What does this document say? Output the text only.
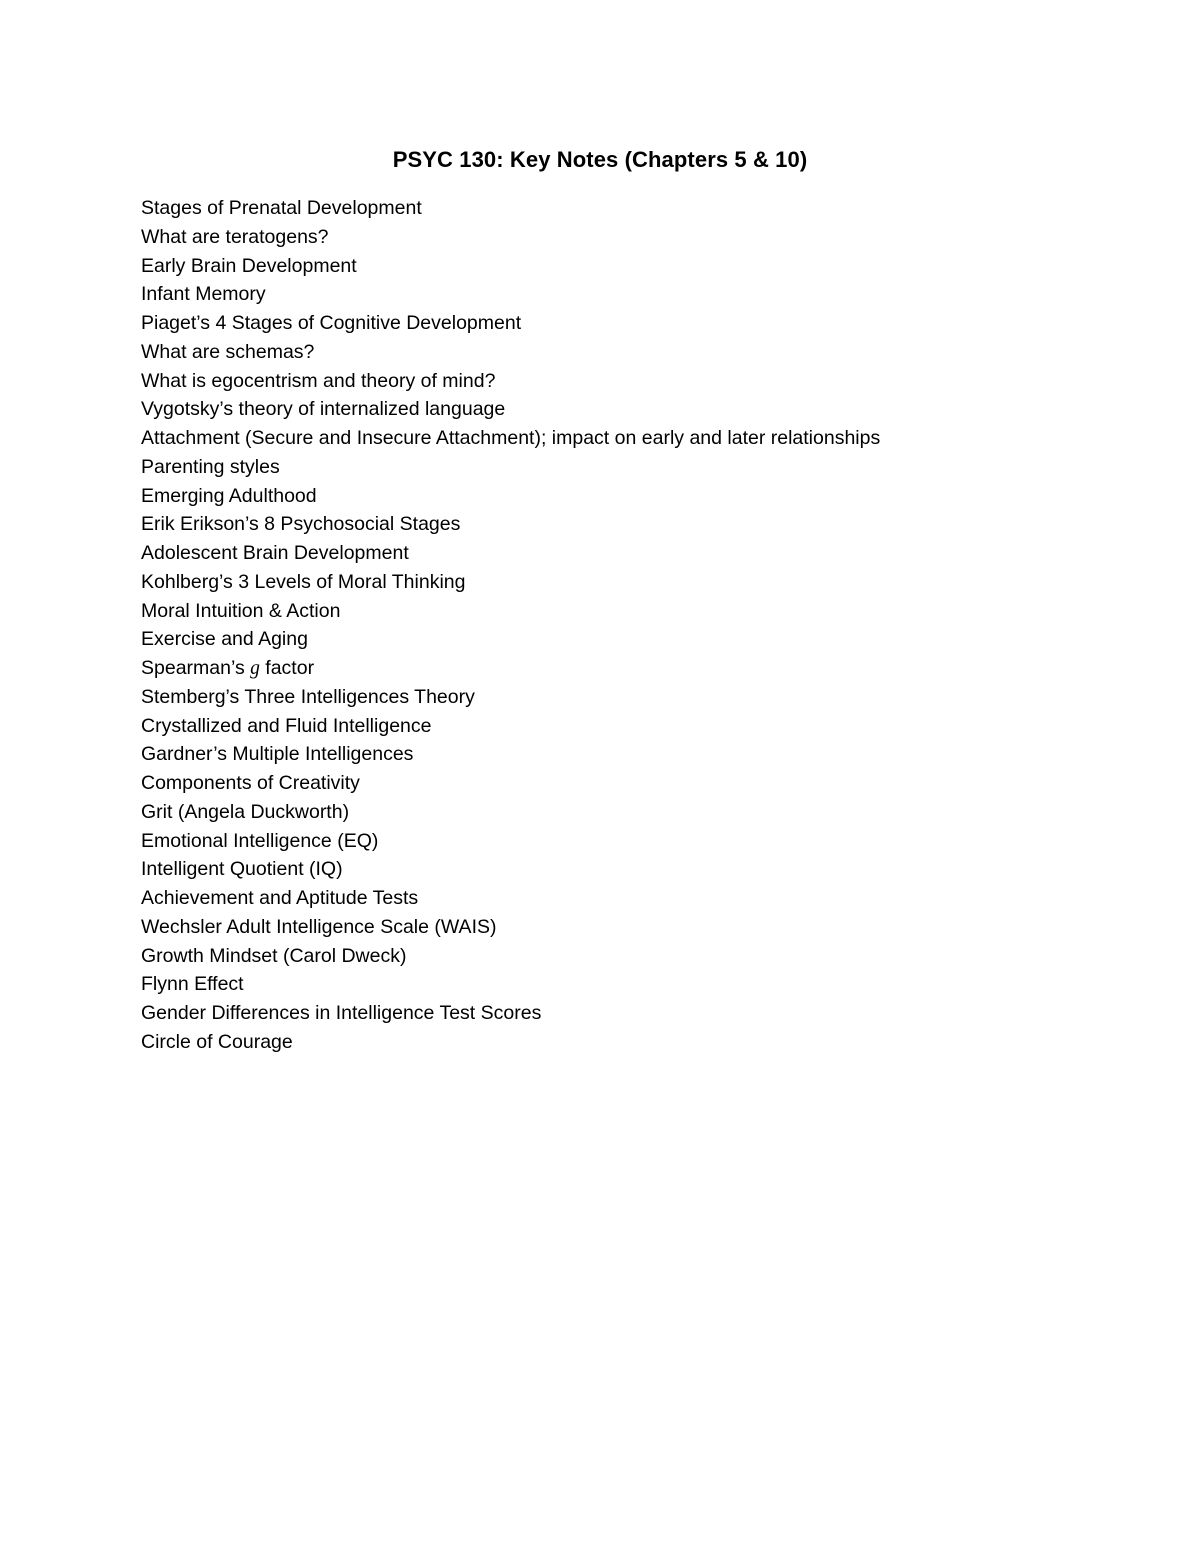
PSYC 130: Key Notes (Chapters 5 & 10)
Stages of Prenatal Development
What are teratogens?
Early Brain Development
Infant Memory
Piaget’s 4 Stages of Cognitive Development
What are schemas?
What is egocentrism and theory of mind?
Vygotsky’s theory of internalized language
Attachment (Secure and Insecure Attachment); impact on early and later relationships
Parenting styles
Emerging Adulthood
Erik Erikson’s 8 Psychosocial Stages
Adolescent Brain Development
Kohlberg’s 3 Levels of Moral Thinking
Moral Intuition & Action
Exercise and Aging
Spearman’s g factor
Stemberg’s Three Intelligences Theory
Crystallized and Fluid Intelligence
Gardner’s Multiple Intelligences
Components of Creativity
Grit (Angela Duckworth)
Emotional Intelligence (EQ)
Intelligent Quotient (IQ)
Achievement and Aptitude Tests
Wechsler Adult Intelligence Scale (WAIS)
Growth Mindset (Carol Dweck)
Flynn Effect
Gender Differences in Intelligence Test Scores
Circle of Courage
